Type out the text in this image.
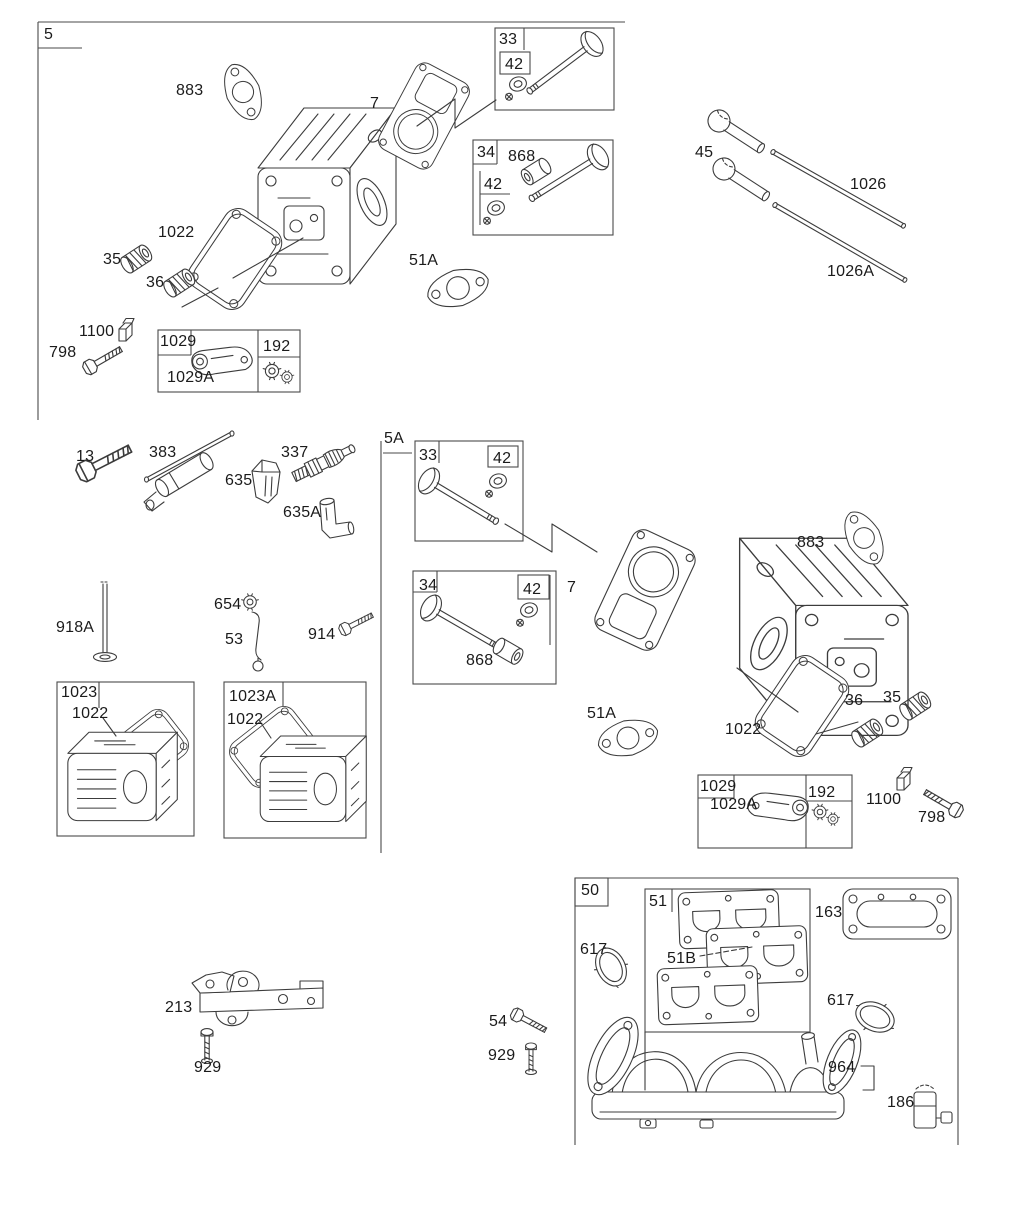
5
883
7
33
42
34 868
42
45
1026
1026A
1022
35
36
51A
1100
798
1029
1029A
192
13	383
635
337
635A
918A
654
53	914
1023
1022
1023A
1022
5A
33	42
34	42
868
7
883
51A
1022
36 35
1029
1029A
192 1100
798
50
51
51B
163
617
617
54
929
964
186
213
929
